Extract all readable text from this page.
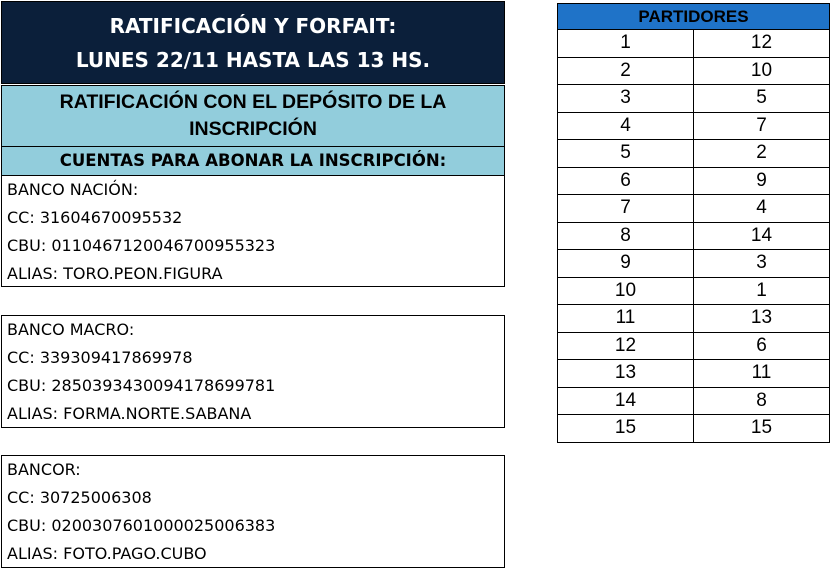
RATIFICACIÓN Y FORFAIT:
LUNES 22/11 HASTA LAS 13 HS.
RATIFICACIÓN CON EL DEPÓSITO DE LA
INSCRIPCIÓN
CUENTAS PARA ABONAR LA INSCRIPCIÓN:
BANCO NACIÓN:
CC: 31604670095532
CBU: 0110467120046700955323
ALIAS: TORO.PEON.FIGURA
BANCO MACRO:
CC: 339309417869978
CBU: 2850393430094178699781
ALIAS: FORMA.NORTE.SABANA
BANCOR:
CC: 30725006308
CBU: 0200307601000025006383
ALIAS: FOTO.PAGO.CUBO
PARTIDORES	
1	12
2	10
3	5
4	7
5	2
6	9
7	4
8	14
9	3
10	1
11	13
12	6
13	11
14	8
15	15
